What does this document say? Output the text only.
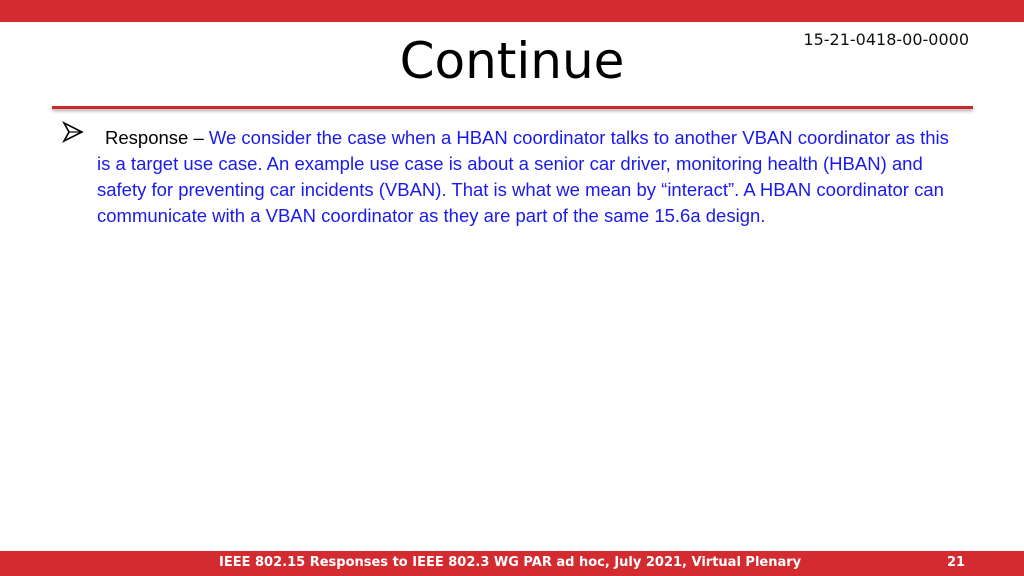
15-21-0418-00-0000
Continue
Response – We consider the case when a HBAN coordinator talks to another VBAN coordinator as this is a target use case. An example use case is about a senior car driver, monitoring health (HBAN) and safety for preventing car incidents (VBAN). That is what we mean by “interact”. A HBAN coordinator can communicate with a VBAN coordinator as they are part of the same 15.6a design.
IEEE 802.15 Responses to IEEE 802.3 WG PAR ad hoc, July 2021, Virtual Plenary	21
